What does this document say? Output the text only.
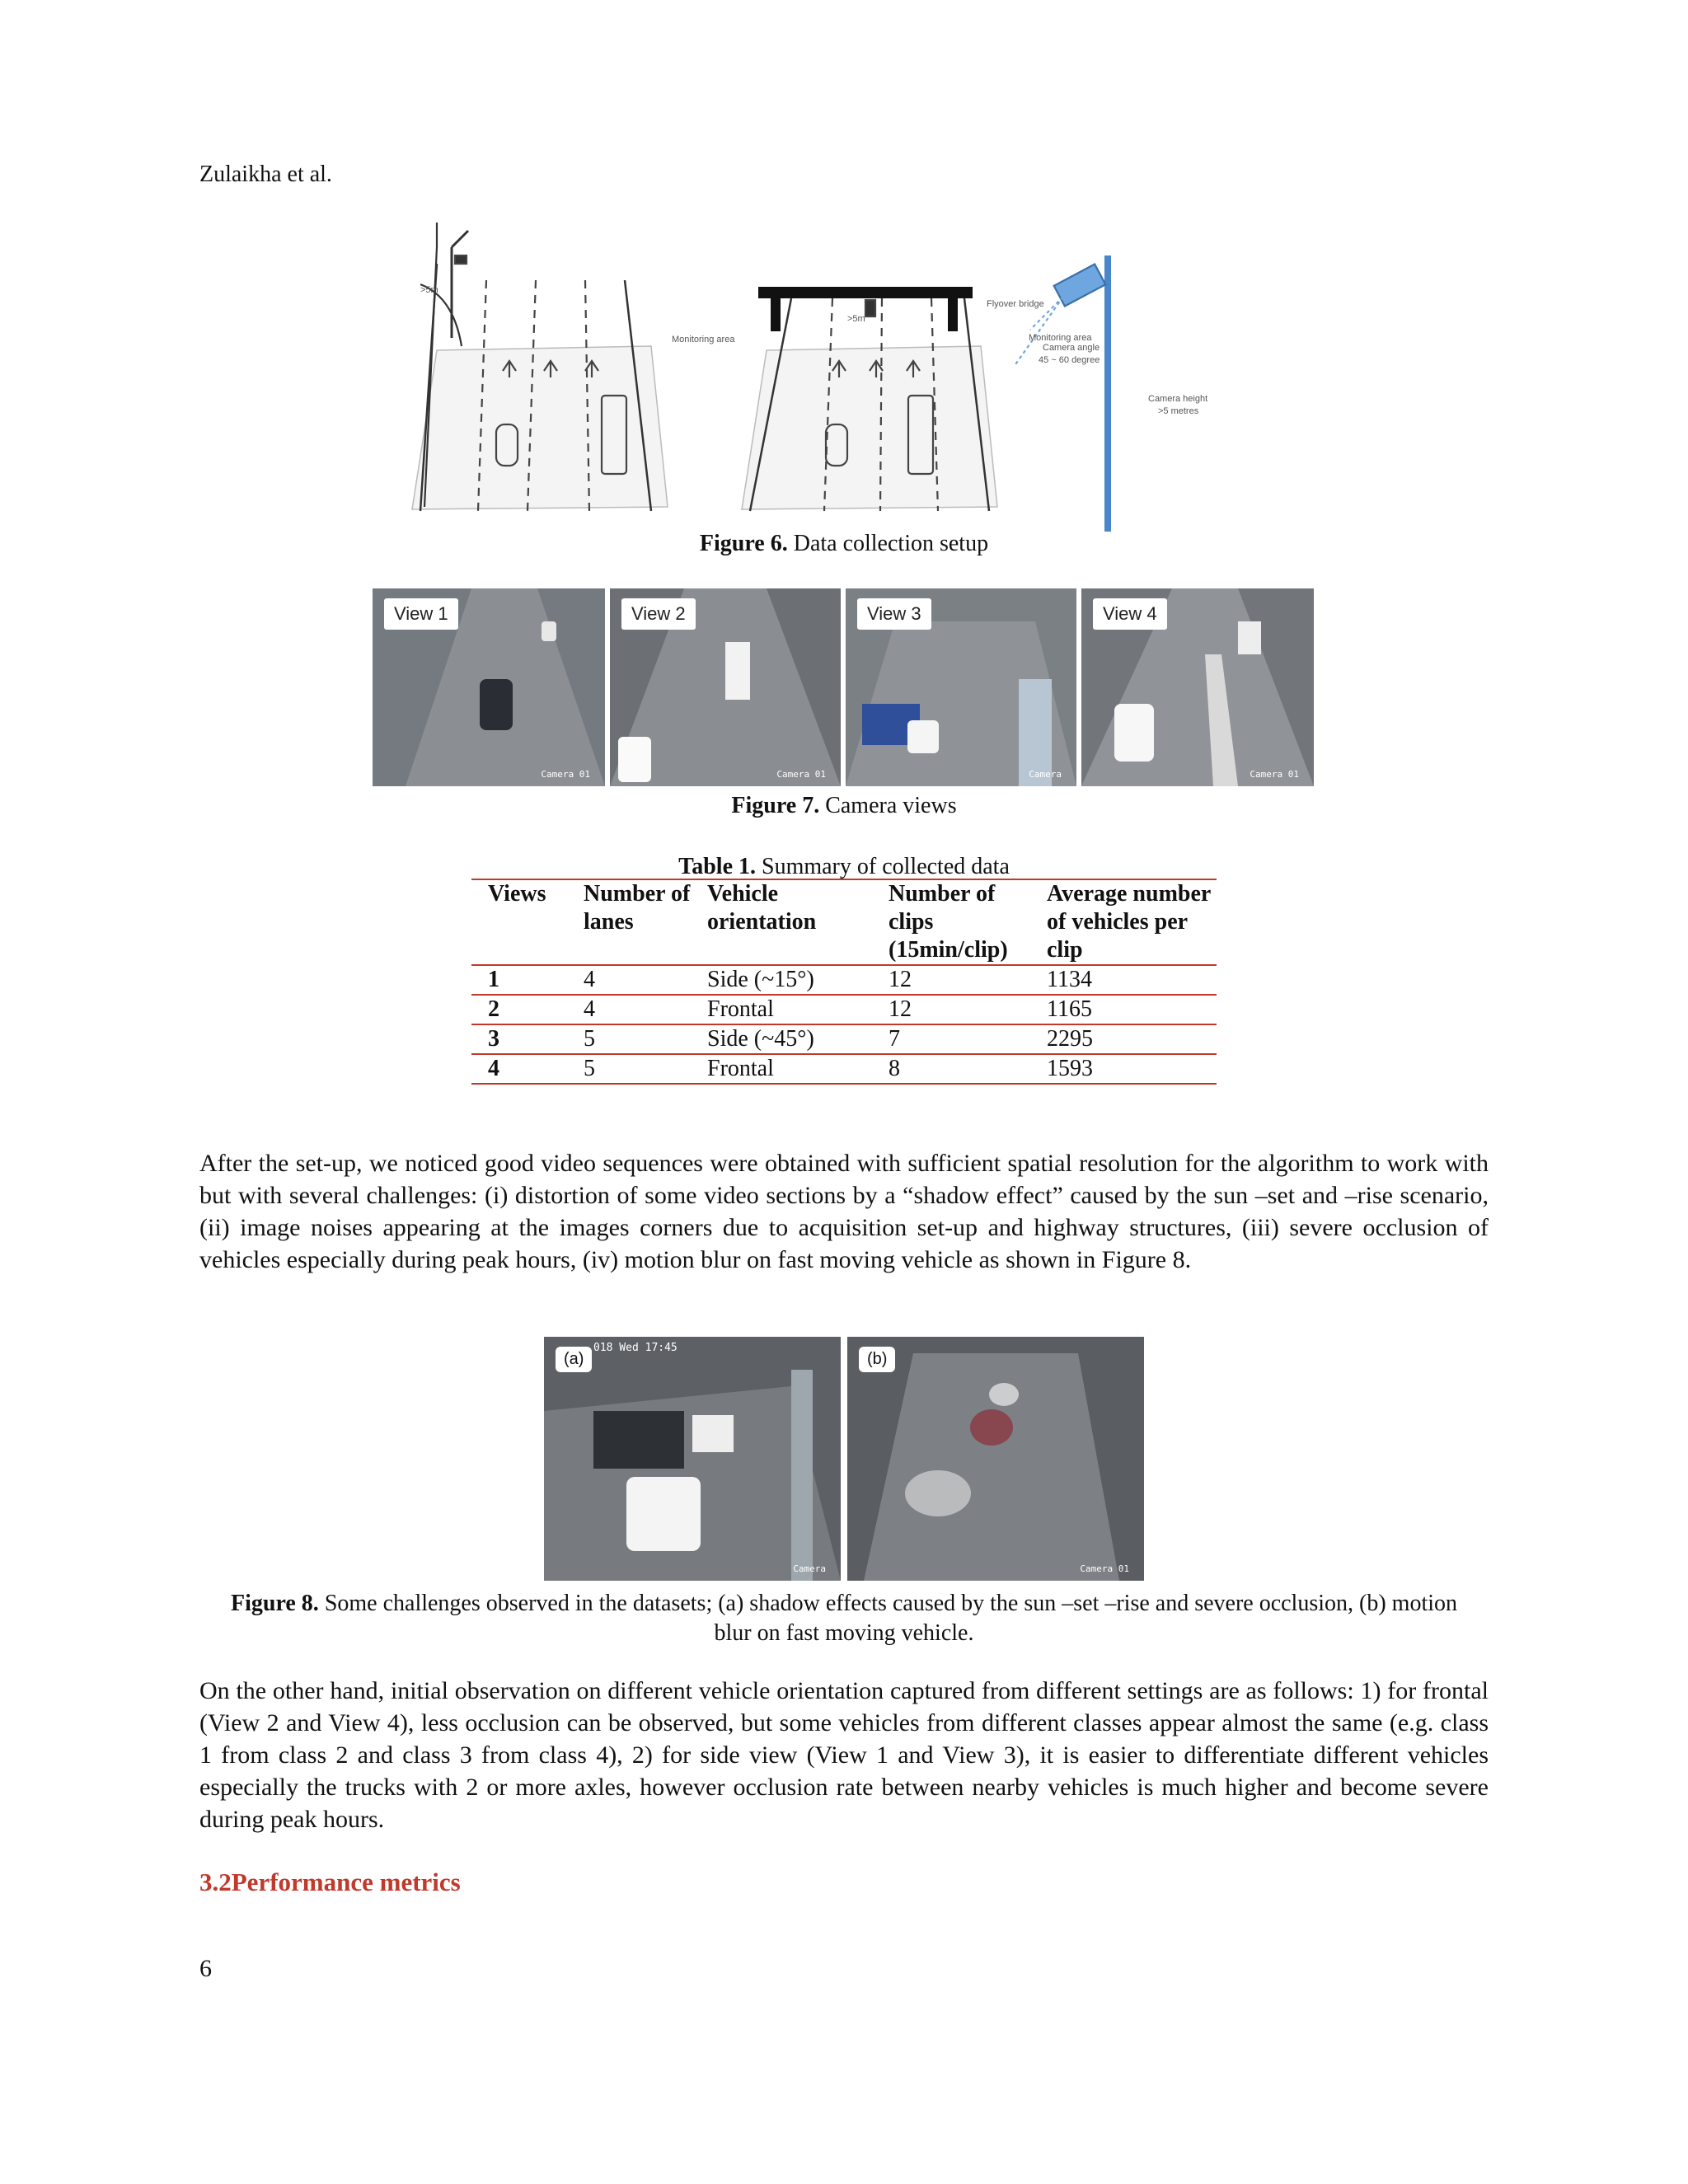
Zulaikha et al.
>5m
Monitoring area
>5m
Flyover bridge
Monitoring area
Camera angle
45 ~ 60 degree
Camera height
>5 metres
Figure 6. Data collection setup
View 1
Camera 01
View 2
Camera 01
View 3
Camera
View 4
Camera 01
Figure 7. Camera views
Table 1. Summary of collected data
Views	Number of lanes	Vehicle orientation	Number of clips (15min/clip)	Average number of vehicles per clip
1	4	Side (~15°)	12	1134
2	4	Frontal	12	1165
3	5	Side (~45°)	7	2295
4	5	Frontal	8	1593

After the set-up, we noticed good video sequences were obtained with sufficient spatial resolution for the algorithm to work with but with several challenges: (i) distortion of some video sections by a “shadow effect” caused by the sun –set and –rise scenario, (ii) image noises appearing at the images corners due to acquisition set-up and highway structures, (iii) severe occlusion of vehicles especially during peak hours, (iv) motion blur on fast moving vehicle as shown in Figure 8.

(a)
018 Wed 17:45
Camera
(b)
Camera 01
Figure 8. Some challenges observed in the datasets; (a) shadow effects caused by the sun –set –rise and severe occlusion, (b) motion blur on fast moving vehicle.

On the other hand, initial observation on different vehicle orientation captured from different settings are as follows: 1) for frontal (View 2 and View 4), less occlusion can be observed, but some vehicles from different classes appear almost the same (e.g. class 1 from class 2 and class 3 from class 4), 2) for side view (View 1 and View 3), it is easier to differentiate different vehicles especially the trucks with 2 or more axles, however occlusion rate between nearby vehicles is much higher and become severe during peak hours.

3.2Performance metrics
6
